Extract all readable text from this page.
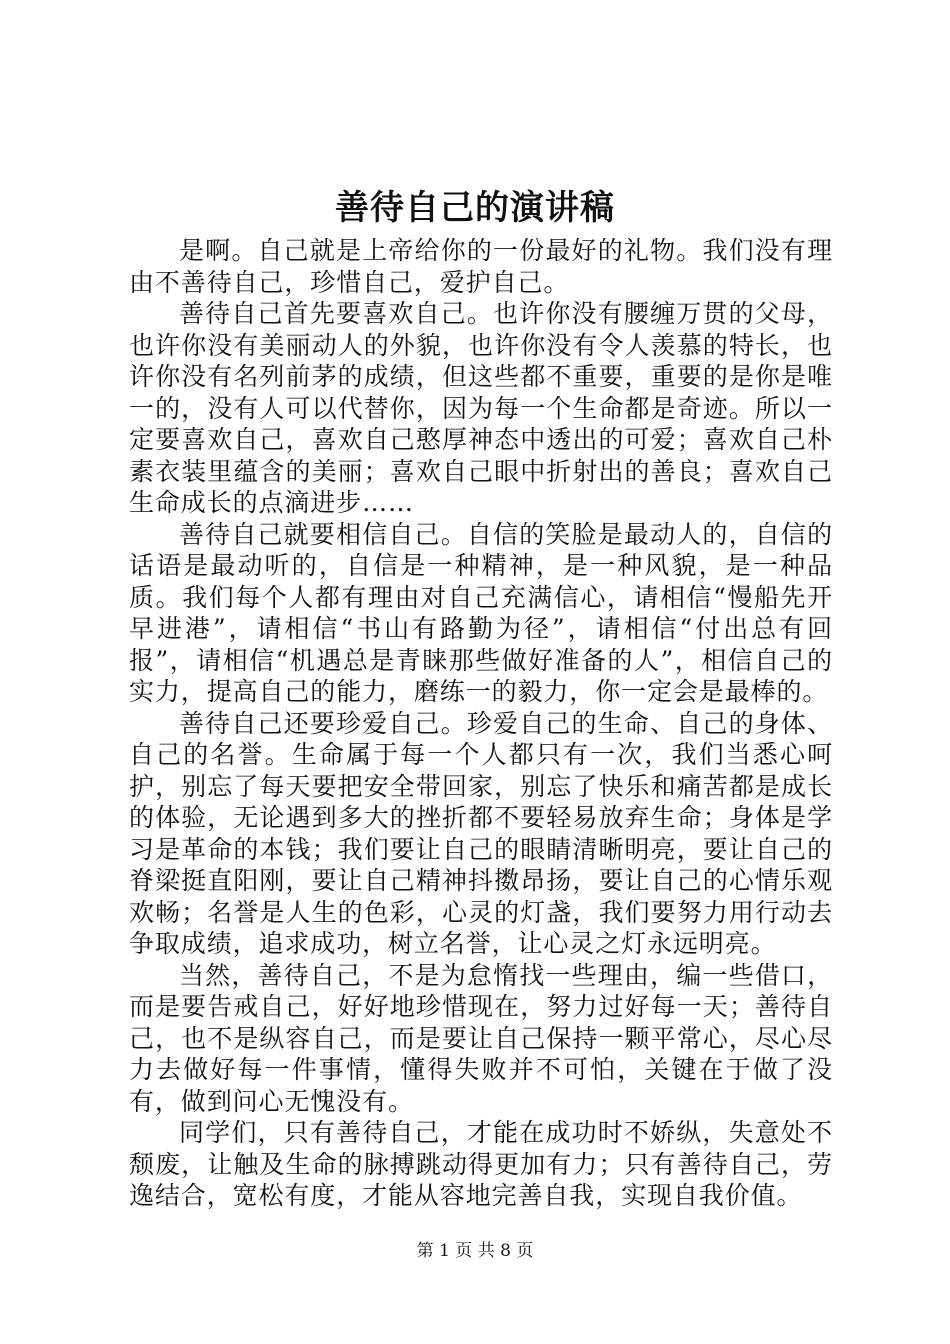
善待自己的演讲稿

是啊。自己就是上帝给你的一份最好的礼物。我们没有理由不善待自己，珍惜自己，爱护自己。

善待自己首先要喜欢自己。也许你没有腰缠万贯的父母，也许你没有美丽动人的外貌，也许你没有令人羡慕的特长，也许你没有名列前茅的成绩，但这些都不重要，重要的是你是唯一的，没有人可以代替你，因为每一个生命都是奇迹。所以一定要喜欢自己，喜欢自己憨厚神态中透出的可爱；喜欢自己朴素衣装里蕴含的美丽；喜欢自己眼中折射出的善良；喜欢自己生命成长的点滴进步……

善待自己就要相信自己。自信的笑脸是最动人的，自信的话语是最动听的，自信是一种精神，是一种风貌，是一种品质。我们每个人都有理由对自己充满信心，请相信“慢船先开早进港”，请相信“书山有路勤为径”，请相信“付出总有回报”，请相信“机遇总是青睐那些做好准备的人”，相信自己的实力，提高自己的能力，磨练一的毅力，你一定会是最棒的。

善待自己还要珍爱自己。珍爱自己的生命、自己的身体、自己的名誉。生命属于每一个人都只有一次，我们当悉心呵护，别忘了每天要把安全带回家，别忘了快乐和痛苦都是成长的体验，无论遇到多大的挫折都不要轻易放弃生命；身体是学习是革命的本钱；我们要让自己的眼睛清晰明亮，要让自己的脊梁挺直阳刚，要让自己精神抖擞昂扬，要让自己的心情乐观欢畅；名誉是人生的色彩，心灵的灯盏，我们要努力用行动去争取成绩，追求成功，树立名誉，让心灵之灯永远明亮。

当然，善待自己，不是为怠惰找一些理由，编一些借口，而是要告戒自己，好好地珍惜现在，努力过好每一天；善待自己，也不是纵容自己，而是要让自己保持一颗平常心，尽心尽力去做好每一件事情，懂得失败并不可怕，关键在于做了没有，做到问心无愧没有。

同学们，只有善待自己，才能在成功时不娇纵，失意处不颓废，让触及生命的脉搏跳动得更加有力；只有善待自己，劳逸结合，宽松有度，才能从容地完善自我，实现自我价值。

第 1 页 共 8 页
